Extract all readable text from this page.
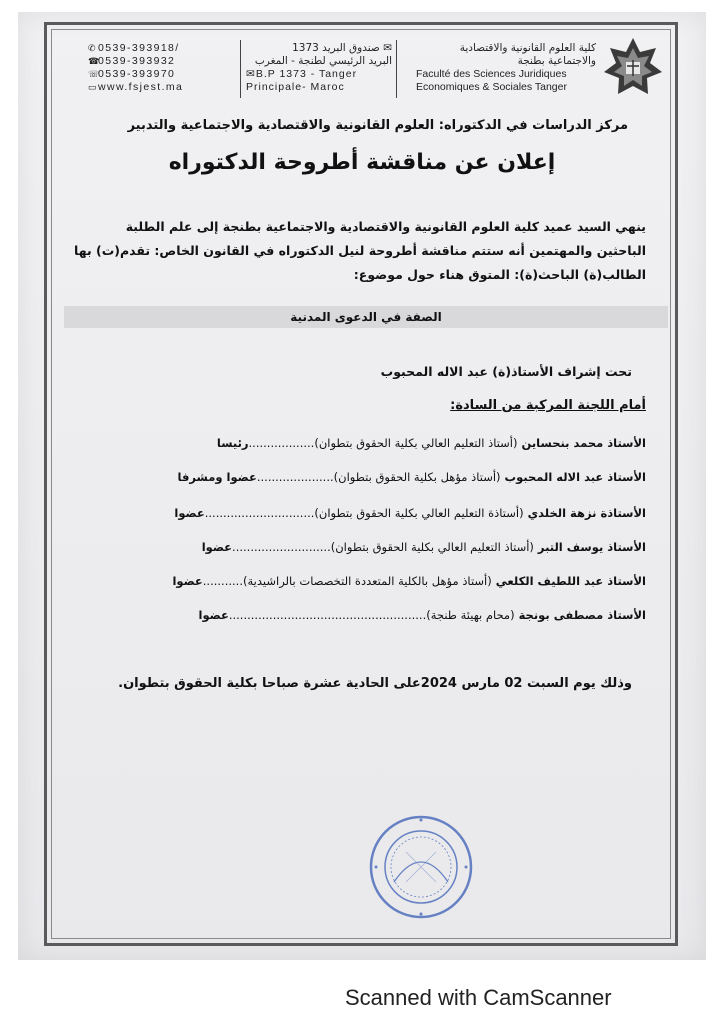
كلية العلوم القانونية والاقتصادية
والاجتماعية بطنجة
Faculté des Sciences Juridiques
Economiques & Sociales Tanger
✉ صندوق البريد 1373
البريد الرئيسي لطنجة - المغرب
✉B.P 1373 - Tanger
Principale- Maroc
✆0539-393918/
☎0539-393932
☏0539-393970
▭www.fsjest.ma
مركز الدراسات في الدكتوراه: العلوم القانونية والاقتصادية والاجتماعية والتدبير
إعلان عن مناقشة أطروحة الدكتوراه
ينهي السيد عميد كلية العلوم القانونية والاقتصادية والاجتماعية بطنجة إلى علم الطلبة
الباحثين والمهتمين أنه ستتم مناقشة أطروحة لنيل الدكتوراه في القانون الخاص: تقدم(ت) بها
الطالب(ة) الباحث(ة): المتوق هناء حول موضوع:
الصفة في الدعوى المدنية
تحت إشراف الأستاذ(ة) عبد الاله المحبوب
أمام اللجنة المركبة من السادة:
الأستاذ محمد بنحساين (أستاذ التعليم العالي بكلية الحقوق بتطوان)..................رئيسا
الأستاذ عبد الاله المحبوب (أستاذ مؤهل بكلية الحقوق بتطوان).....................عضوا ومشرفا
الأستاذة نزهة الخلدي (أستاذة التعليم العالي بكلية الحقوق بتطوان)..............................عضوا
الأستاذ يوسف التبر (أستاذ التعليم العالي بكلية الحقوق بتطوان)...........................عضوا
الأستاذ عبد اللطيف الكلعي (أستاذ مؤهل بالكلية المتعددة التخصصات بالراشيدية)...........عضوا
الأستاذ مصطفى بونجة (محام بهيئة طنجة)......................................................عضوا
وذلك يوم السبت 02 مارس 2024على الحادية عشرة صباحا بكلية الحقوق بتطوان.
Scanned with CamScanner
